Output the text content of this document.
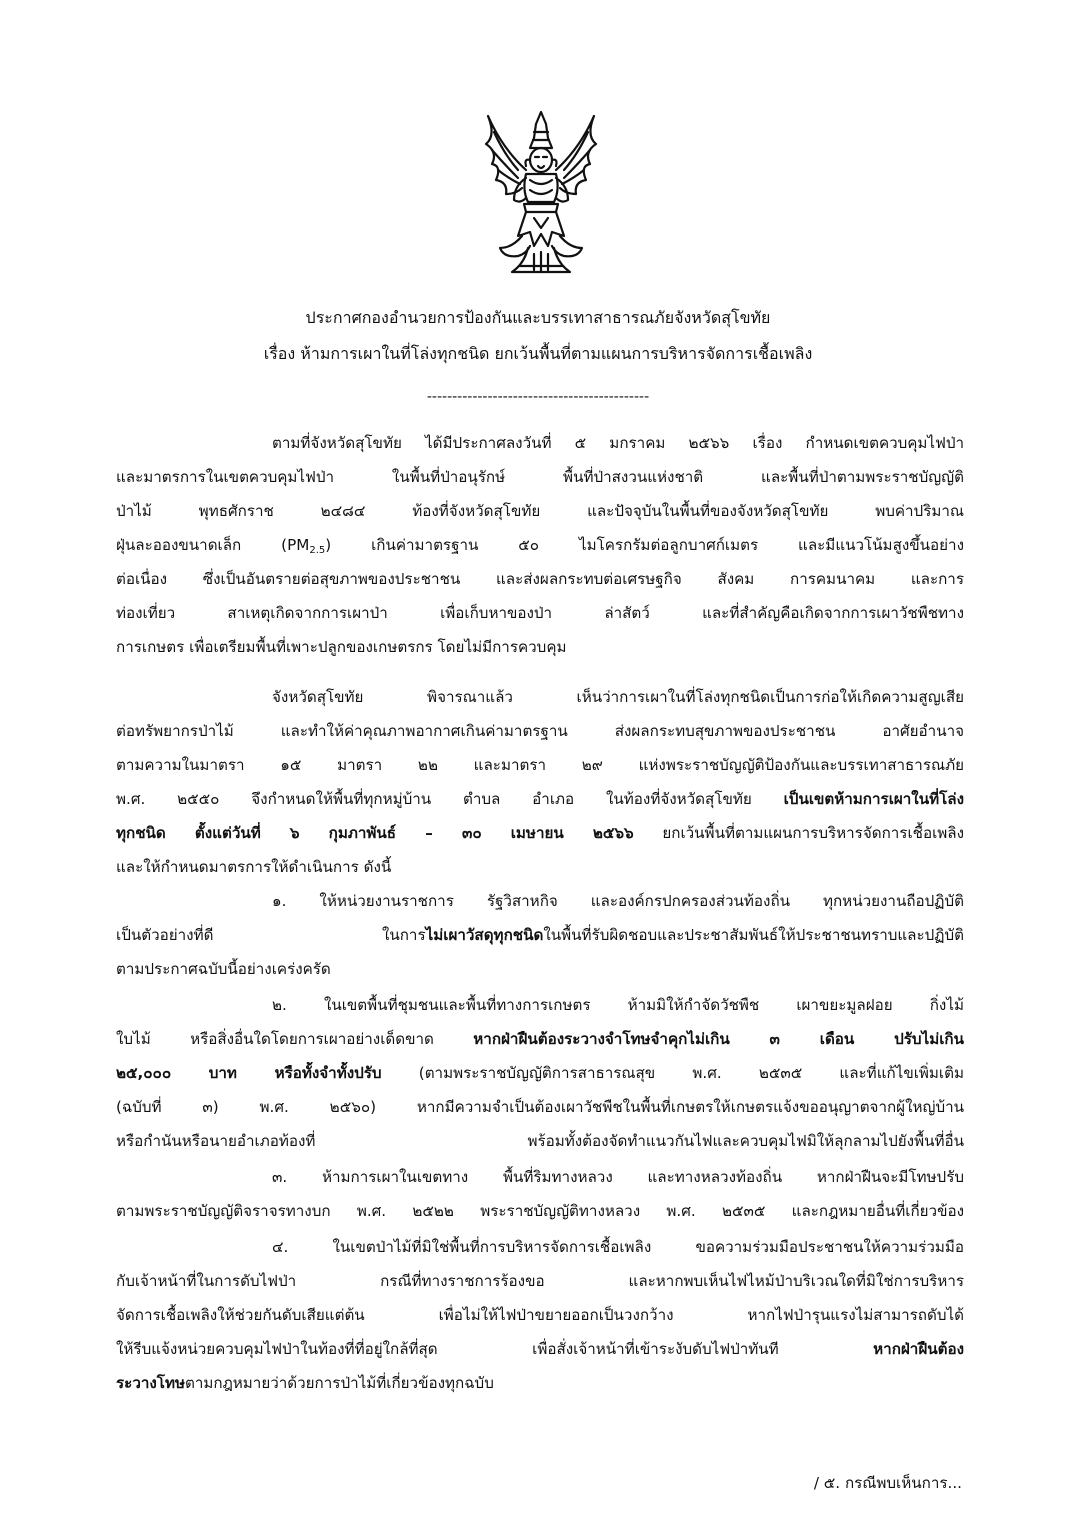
ประกาศกองอำนวยการป้องกันและบรรเทาสาธารณภัยจังหวัดสุโขทัย
เรื่อง ห้ามการเผาในที่โล่งทุกชนิด ยกเว้นพื้นที่ตามแผนการบริหารจัดการเชื้อเพลิง
--------------------------------------------
ตามที่จังหวัดสุโขทัย ได้มีประกาศลงวันที่ ๕ มกราคม ๒๕๖๖ เรื่อง กำหนดเขตควบคุมไฟป่า
และมาตรการในเขตควบคุมไฟป่า ในพื้นที่ป่าอนุรักษ์ พื้นที่ป่าสงวนแห่งชาติ และพื้นที่ป่าตามพระราชบัญญัติ
ป่าไม้ พุทธศักราช ๒๔๘๔ ท้องที่จังหวัดสุโขทัย และปัจจุบันในพื้นที่ของจังหวัดสุโขทัย พบค่าปริมาณ
ฝุ่นละอองขนาดเล็ก $(PM_{2.5})$ เกินค่ามาตรฐาน ๕๐ ไมโครกรัมต่อลูกบาศก์เมตร และมีแนวโน้มสูงขึ้นอย่าง
ต่อเนื่อง ซึ่งเป็นอันตรายต่อสุขภาพของประชาชน และส่งผลกระทบต่อเศรษฐกิจ สังคม การคมนาคม และการ
ท่องเที่ยว สาเหตุเกิดจากการเผาป่า เพื่อเก็บหาของป่า ล่าสัตว์ และที่สำคัญคือเกิดจากการเผาวัชพืชทาง
การเกษตร เพื่อเตรียมพื้นที่เพาะปลูกของเกษตรกร โดยไม่มีการควบคุม
จังหวัดสุโขทัย พิจารณาแล้ว เห็นว่าการเผาในที่โล่งทุกชนิดเป็นการก่อให้เกิดความสูญเสีย
ต่อทรัพยากรป่าไม้ และทำให้ค่าคุณภาพอากาศเกินค่ามาตรฐาน ส่งผลกระทบสุขภาพของประชาชน อาศัยอำนาจ
ตามความในมาตรา ๑๕ มาตรา ๒๒ และมาตรา ๒๙ แห่งพระราชบัญญัติป้องกันและบรรเทาสาธารณภัย
พ.ศ. ๒๕๕๐ จึงกำหนดให้พื้นที่ทุกหมู่บ้าน ตำบล อำเภอ ในท้องที่จังหวัดสุโขทัย เป็นเขตห้ามการเผาในที่โล่ง
ทุกชนิด ตั้งแต่วันที่ ๖ กุมภาพันธ์ – ๓๐ เมษายน ๒๕๖๖ ยกเว้นพื้นที่ตามแผนการบริหารจัดการเชื้อเพลิง
และให้กำหนดมาตรการให้ดำเนินการ ดังนี้
๑. ให้หน่วยงานราชการ รัฐวิสาหกิจ และองค์กรปกครองส่วนท้องถิ่น ทุกหน่วยงานถือปฏิบัติ
เป็นตัวอย่างที่ดี ในการไม่เผาวัสดุทุกชนิดในพื้นที่รับผิดชอบและประชาสัมพันธ์ให้ประชาชนทราบและปฏิบัติ
ตามประกาศฉบับนี้อย่างเคร่งครัด
๒. ในเขตพื้นที่ชุมชนและพื้นที่ทางการเกษตร ห้ามมิให้กำจัดวัชพืช เผาขยะมูลฝอย กิ่งไม้
ใบไม้ หรือสิ่งอื่นใดโดยการเผาอย่างเด็ดขาด หากฝ่าฝืนต้องระวางจำโทษจำคุกไม่เกิน ๓ เดือน ปรับไม่เกิน
๒๕,๐๐๐ บาท หรือทั้งจำทั้งปรับ (ตามพระราชบัญญัติการสาธารณสุข พ.ศ. ๒๕๓๕ และที่แก้ไขเพิ่มเติม
(ฉบับที่ ๓) พ.ศ. ๒๕๖๐) หากมีความจำเป็นต้องเผาวัชพืชในพื้นที่เกษตรให้เกษตรแจ้งขออนุญาตจากผู้ใหญ่บ้าน
หรือกำนันหรือนายอำเภอท้องที่ พร้อมทั้งต้องจัดทำแนวกันไฟและควบคุมไฟมิให้ลุกลามไปยังพื้นที่อื่น
๓. ห้ามการเผาในเขตทาง พื้นที่ริมทางหลวง และทางหลวงท้องถิ่น หากฝ่าฝืนจะมีโทษปรับ
ตามพระราชบัญญัติจราจรทางบก พ.ศ. ๒๕๒๒ พระราชบัญญัติทางหลวง พ.ศ. ๒๕๓๕ และกฎหมายอื่นที่เกี่ยวข้อง
๔. ในเขตป่าไม้ที่มิใช่พื้นที่การบริหารจัดการเชื้อเพลิง ขอความร่วมมือประชาชนให้ความร่วมมือ
กับเจ้าหน้าที่ในการดับไฟป่า กรณีที่ทางราชการร้องขอ และหากพบเห็นไฟไหม้ป่าบริเวณใดที่มิใช่การบริหาร
จัดการเชื้อเพลิงให้ช่วยกันดับเสียแต่ต้น เพื่อไม่ให้ไฟป่าขยายออกเป็นวงกว้าง หากไฟป่ารุนแรงไม่สามารถดับได้
ให้รีบแจ้งหน่วยควบคุมไฟป่าในท้องที่ที่อยู่ใกล้ที่สุด เพื่อสั่งเจ้าหน้าที่เข้าระงับดับไฟป่าทันที หากฝ่าฝืนต้อง
ระวางโทษตามกฎหมายว่าด้วยการป่าไม้ที่เกี่ยวข้องทุกฉบับ
/ ๕. กรณีพบเห็นการ...
